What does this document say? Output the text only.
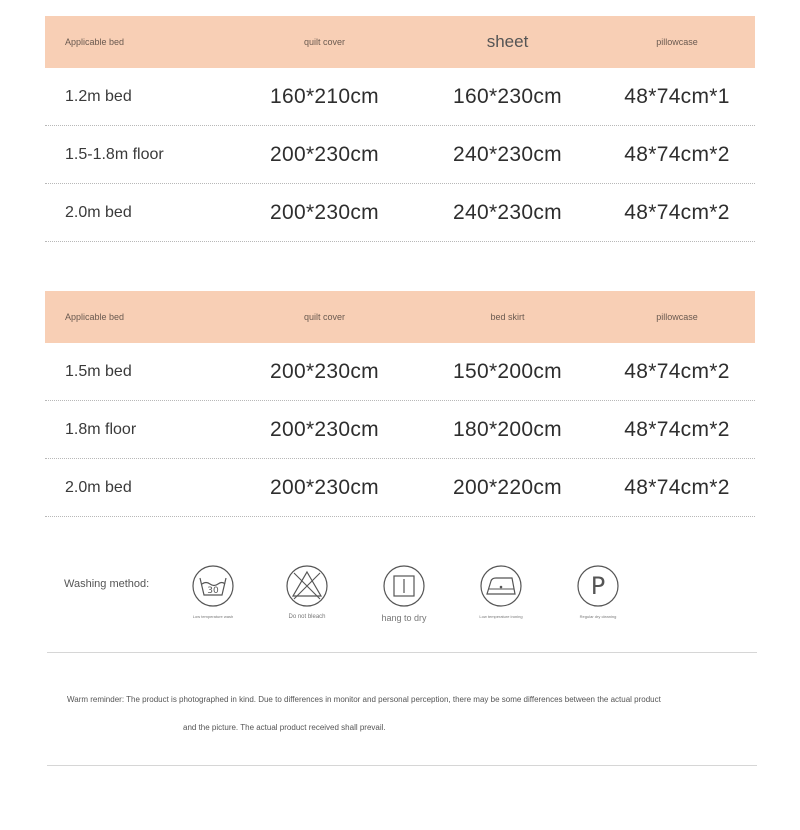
Applicable bed	quilt cover	sheet	pillowcase
1.2m bed	160*210cm	160*230cm	48*74cm*1
1.5-1.8m floor	200*230cm	240*230cm	48*74cm*2
2.0m bed	200*230cm	240*230cm	48*74cm*2
Applicable bed	quilt cover	bed skirt	pillowcase
1.5m bed	200*230cm	150*200cm	48*74cm*2
1.8m floor	200*230cm	180*200cm	48*74cm*2
2.0m bed	200*230cm	200*220cm	48*74cm*2
Washing method:
30
Low temperature wash	Do not bleach	hang to dry	Low temperature ironing
P
Regular dry cleaning
Warm reminder: The product is photographed in kind. Due to differences in monitor and personal perception, there may be some differences between the actual product
and the picture. The actual product received shall prevail.
